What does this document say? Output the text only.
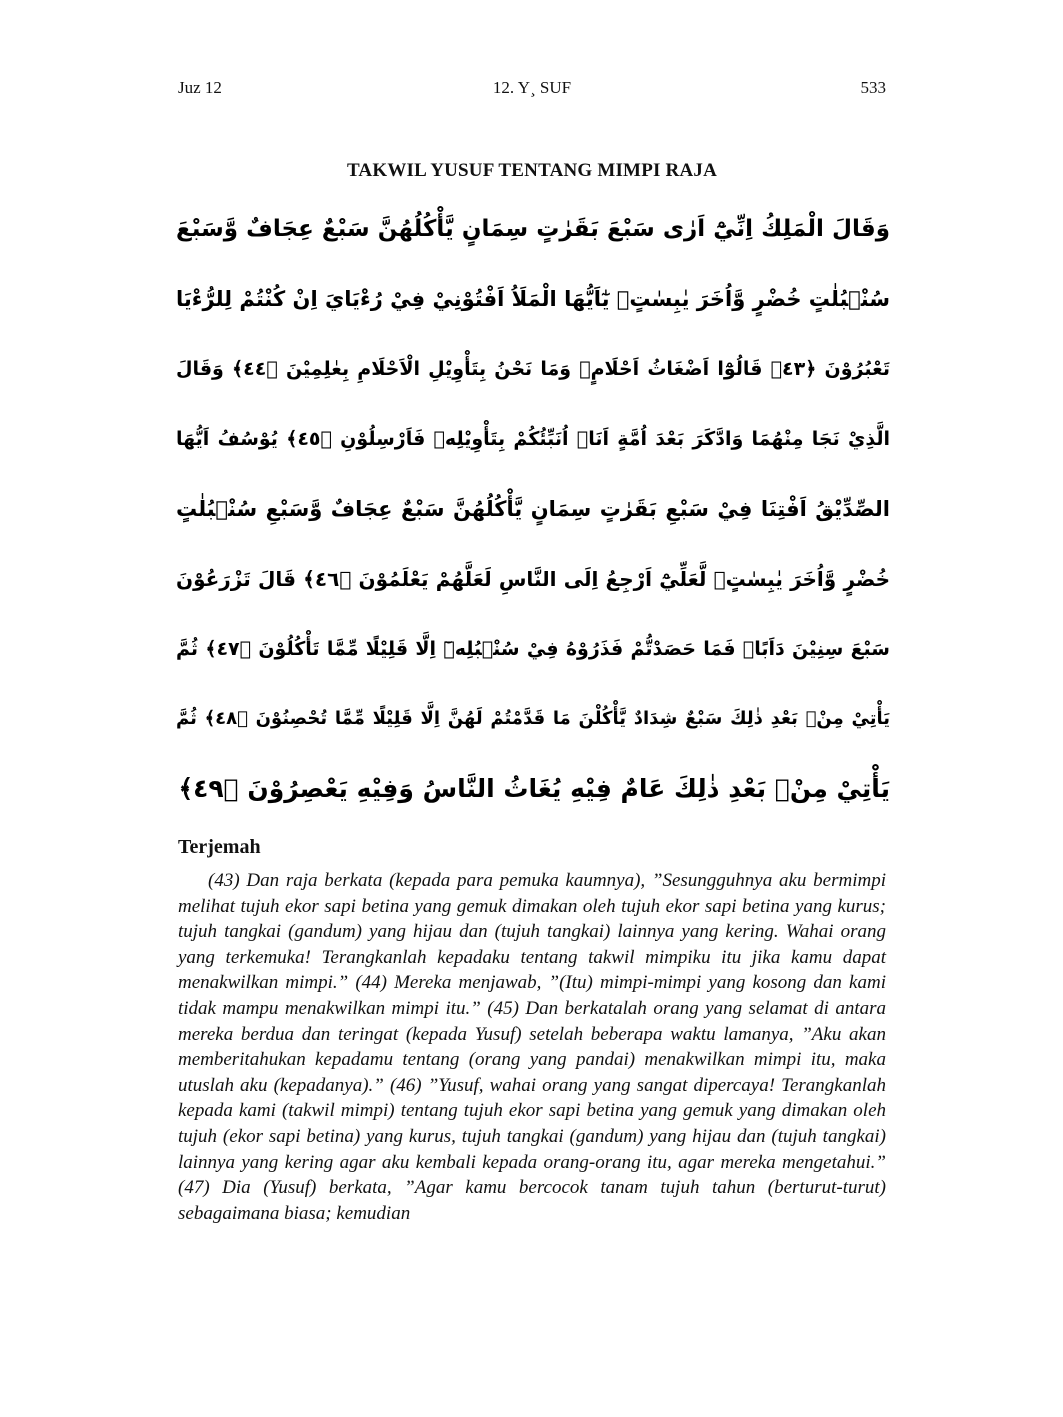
12. Y¸ SUF
Juz 12	533
TAKWIL YUSUF TENTANG MIMPI RAJA
وَقَالَ الْمَلِكُ اِنِّيْٓ اَرٰى سَبْعَ بَقَرٰتٍ سِمَانٍ يَّأْكُلُهُنَّ سَبْعٌ عِجَافٌ وَّسَبْعَ
سُنْۢبُلٰتٍ خُضْرٍ وَّاُخَرَ يٰبِسٰتٍۗ يٰٓاَيُّهَا الْمَلَاُ اَفْتُوْنِيْ فِيْ رُءْيَايَ اِنْ كُنْتُمْ لِلرُّءْيَا
تَعْبُرُوْنَ ﴿٤٣﴾ قَالُوْٓا اَضْغَاثُ اَحْلَامٍۚ وَمَا نَحْنُ بِتَأْوِيْلِ الْاَحْلَامِ بِعٰلِمِيْنَ ﴿٤٤﴾ وَقَالَ
الَّذِيْ نَجَا مِنْهُمَا وَادَّكَرَ بَعْدَ اُمَّةٍ اَنَا۠ اُنَبِّئُكُمْ بِتَأْوِيْلِهٖ فَاَرْسِلُوْنِ ﴿٤٥﴾ يُوْسُفُ اَيُّهَا
الصِّدِّيْقُ اَفْتِنَا فِيْ سَبْعِ بَقَرٰتٍ سِمَانٍ يَّأْكُلُهُنَّ سَبْعٌ عِجَافٌ وَّسَبْعِ سُنْۢبُلٰتٍ
خُضْرٍ وَّاُخَرَ يٰبِسٰتٍۙ لَّعَلِّيْٓ اَرْجِعُ اِلَى النَّاسِ لَعَلَّهُمْ يَعْلَمُوْنَ ﴿٤٦﴾ قَالَ تَزْرَعُوْنَ
سَبْعَ سِنِيْنَ دَاَبًاۚ فَمَا حَصَدْتُّمْ فَذَرُوْهُ فِيْ سُنْۢبُلِهٖٓ اِلَّا قَلِيْلًا مِّمَّا تَأْكُلُوْنَ ﴿٤٧﴾ ثُمَّ
يَأْتِيْ مِنْۢ بَعْدِ ذٰلِكَ سَبْعٌ شِدَادٌ يَّأْكُلْنَ مَا قَدَّمْتُمْ لَهُنَّ اِلَّا قَلِيْلًا مِّمَّا تُحْصِنُوْنَ ﴿٤٨﴾ ثُمَّ
يَأْتِيْ مِنْۢ بَعْدِ ذٰلِكَ عَامٌ فِيْهِ يُغَاثُ النَّاسُ وَفِيْهِ يَعْصِرُوْنَ ﴿٤٩﴾
Terjemah

(43) Dan raja berkata (kepada para pemuka kaumnya), ”Sesungguhnya aku bermimpi melihat tujuh ekor sapi betina yang gemuk dimakan oleh tujuh ekor sapi betina yang kurus; tujuh tangkai (gandum) yang hijau dan (tujuh tangkai) lainnya yang kering. Wahai orang yang terkemuka! Terangkanlah kepadaku tentang takwil mimpiku itu jika kamu dapat menakwilkan mimpi.” (44) Mereka menjawab, ”(Itu) mimpi-mimpi yang kosong dan kami tidak mampu menakwilkan mimpi itu.” (45) Dan berkatalah orang yang selamat di antara mereka berdua dan teringat (kepada Yusuf) setelah beberapa waktu lamanya, ”Aku akan memberitahukan kepadamu tentang (orang yang pandai) menakwilkan mimpi itu, maka utuslah aku (kepadanya).” (46) ”Yusuf, wahai orang yang sangat dipercaya! Terangkanlah kepada kami (takwil mimpi) tentang tujuh ekor sapi betina yang gemuk yang dimakan oleh tujuh (ekor sapi betina) yang kurus, tujuh tangkai (gandum) yang hijau dan (tujuh tangkai) lainnya yang kering agar aku kembali kepada orang-orang itu, agar mereka mengetahui.” (47) Dia (Yusuf) berkata, ”Agar kamu bercocok tanam tujuh tahun (berturut-turut) sebagaimana biasa; kemudian
